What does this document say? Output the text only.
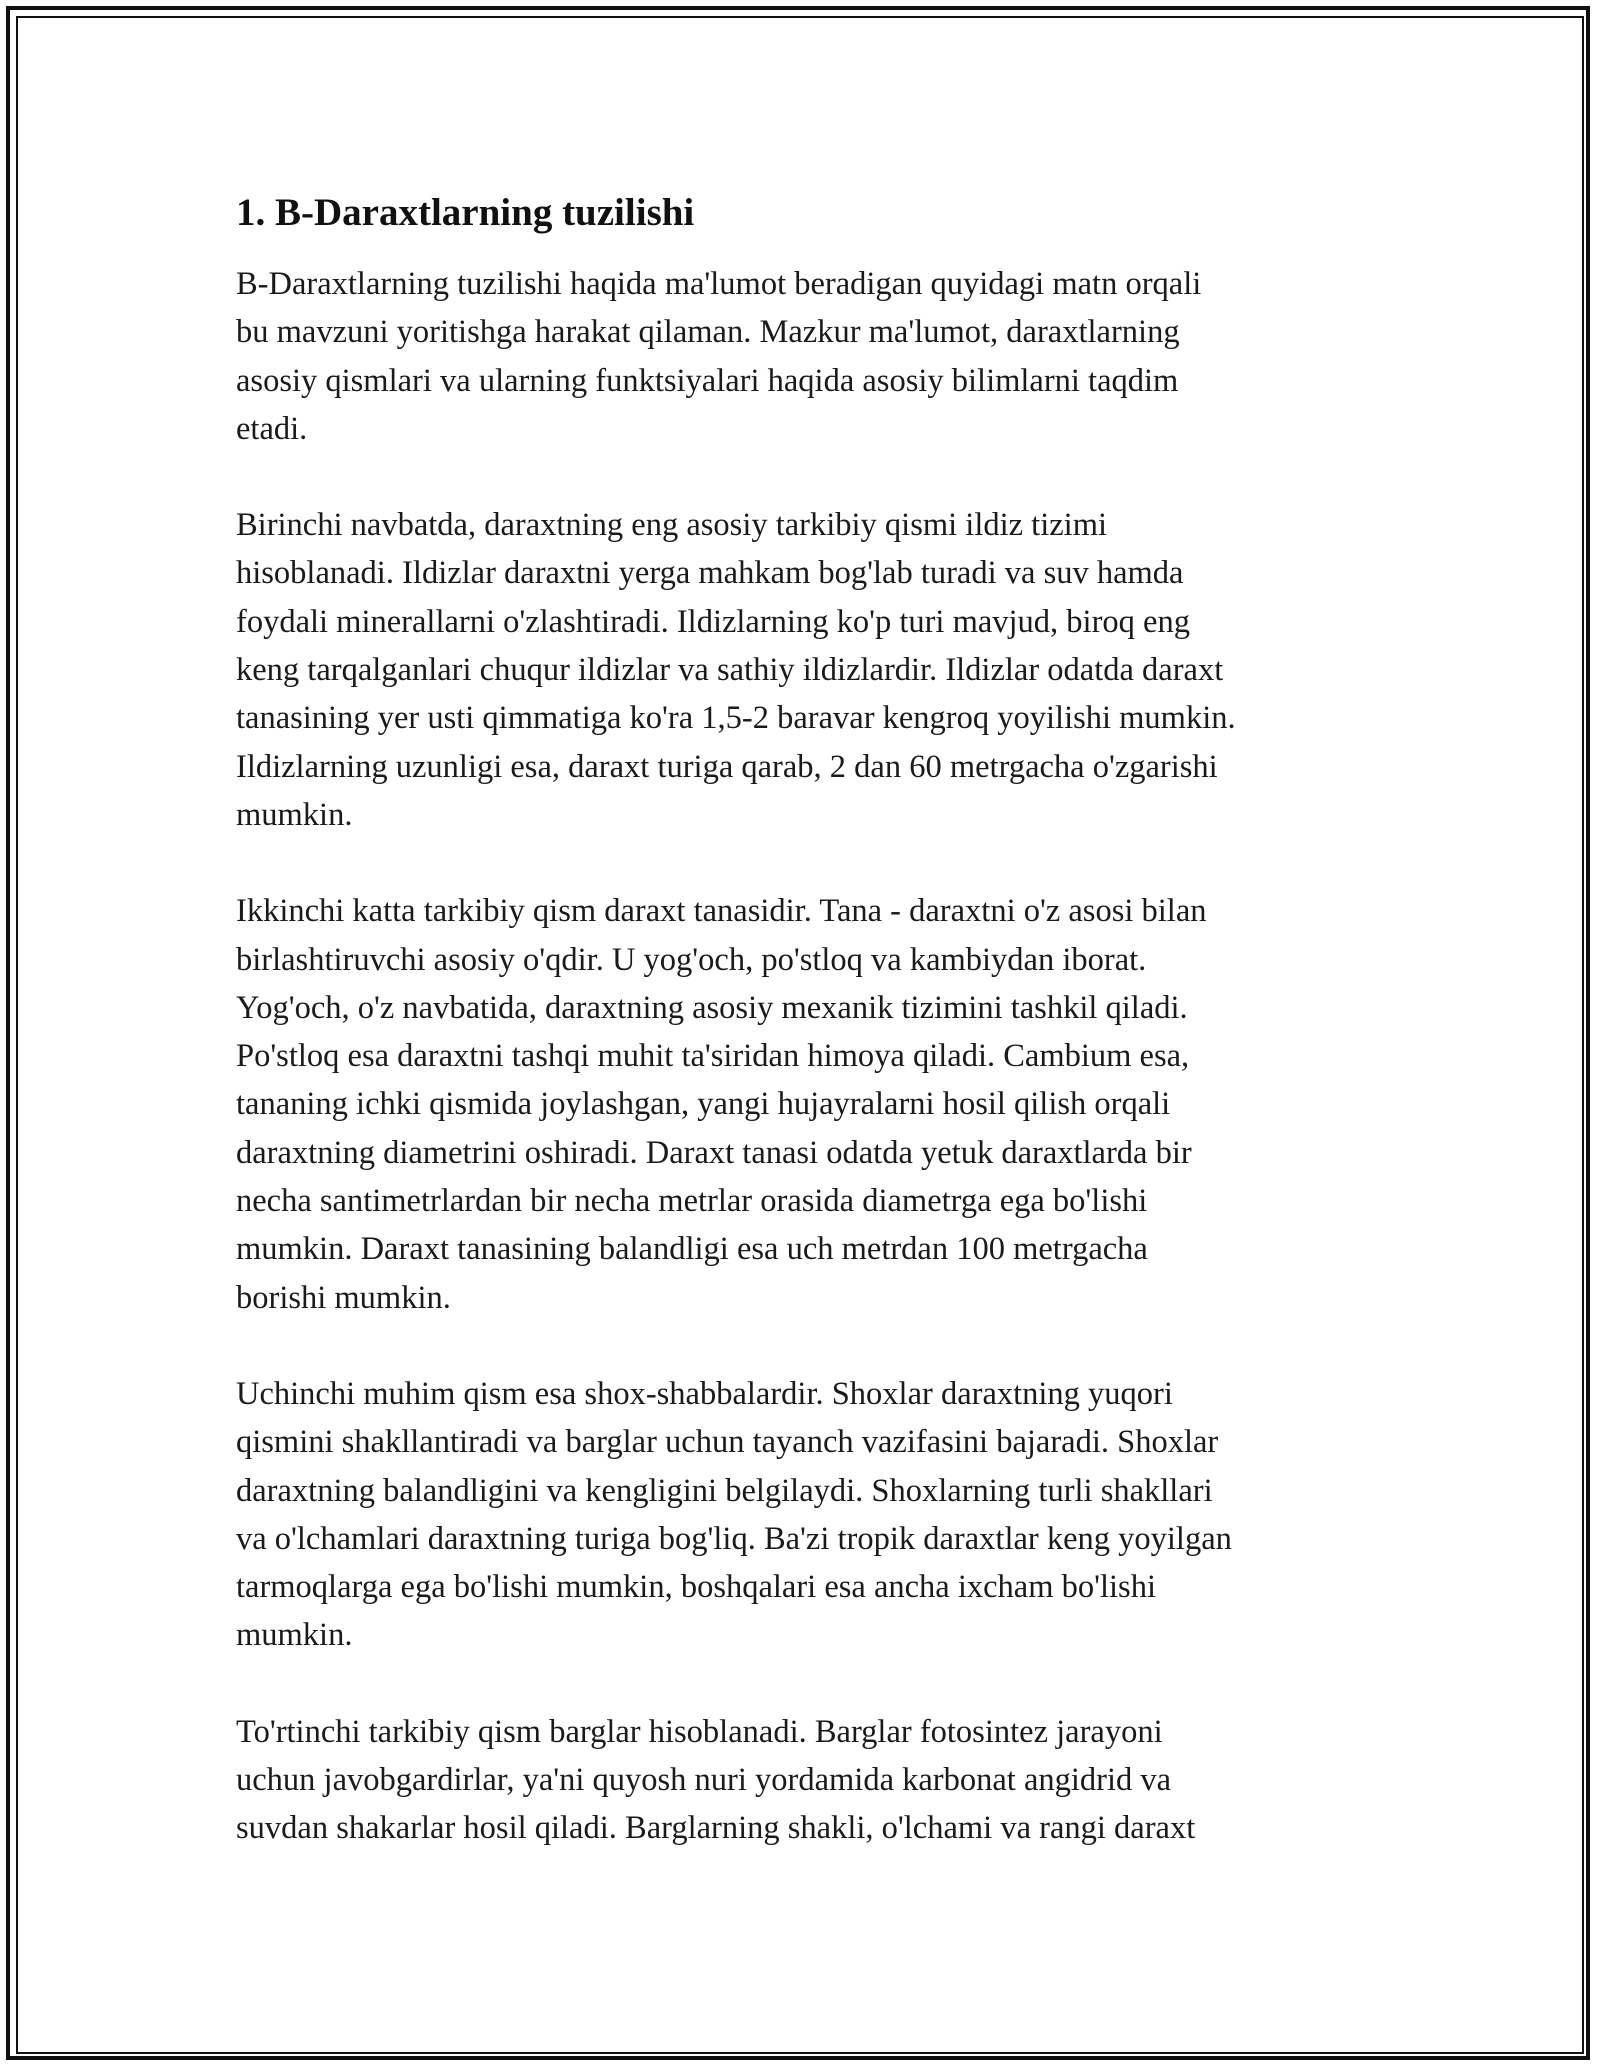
1. B-Daraxtlarning tuzilishi

B-Daraxtlarning tuzilishi haqida ma'lumot beradigan quyidagi matn orqali
bu mavzuni yoritishga harakat qilaman. Mazkur ma'lumot, daraxtlarning
asosiy qismlari va ularning funktsiyalari haqida asosiy bilimlarni taqdim
etadi.

Birinchi navbatda, daraxtning eng asosiy tarkibiy qismi ildiz tizimi
hisoblanadi. Ildizlar daraxtni yerga mahkam bog'lab turadi va suv hamda
foydali minerallarni o'zlashtiradi. Ildizlarning ko'p turi mavjud, biroq eng
keng tarqalganlari chuqur ildizlar va sathiy ildizlardir. Ildizlar odatda daraxt
tanasining yer usti qimmatiga ko'ra 1,5-2 baravar kengroq yoyilishi mumkin.
Ildizlarning uzunligi esa, daraxt turiga qarab, 2 dan 60 metrgacha o'zgarishi
mumkin.

Ikkinchi katta tarkibiy qism daraxt tanasidir. Tana - daraxtni o'z asosi bilan
birlashtiruvchi asosiy o'qdir. U yog'och, po'stloq va kambiydan iborat.
Yog'och, o'z navbatida, daraxtning asosiy mexanik tizimini tashkil qiladi.
Po'stloq esa daraxtni tashqi muhit ta'siridan himoya qiladi. Cambium esa,
tananing ichki qismida joylashgan, yangi hujayralarni hosil qilish orqali
daraxtning diametrini oshiradi. Daraxt tanasi odatda yetuk daraxtlarda bir
necha santimetrlardan bir necha metrlar orasida diametrga ega bo'lishi
mumkin. Daraxt tanasining balandligi esa uch metrdan 100 metrgacha
borishi mumkin.

Uchinchi muhim qism esa shox-shabbalardir. Shoxlar daraxtning yuqori
qismini shakllantiradi va barglar uchun tayanch vazifasini bajaradi. Shoxlar
daraxtning balandligini va kengligini belgilaydi. Shoxlarning turli shakllari
va o'lchamlari daraxtning turiga bog'liq. Ba'zi tropik daraxtlar keng yoyilgan
tarmoqlarga ega bo'lishi mumkin, boshqalari esa ancha ixcham bo'lishi
mumkin.

To'rtinchi tarkibiy qism barglar hisoblanadi. Barglar fotosintez jarayoni
uchun javobgardirlar, ya'ni quyosh nuri yordamida karbonat angidrid va
suvdan shakarlar hosil qiladi. Barglarning shakli, o'lchami va rangi daraxt
